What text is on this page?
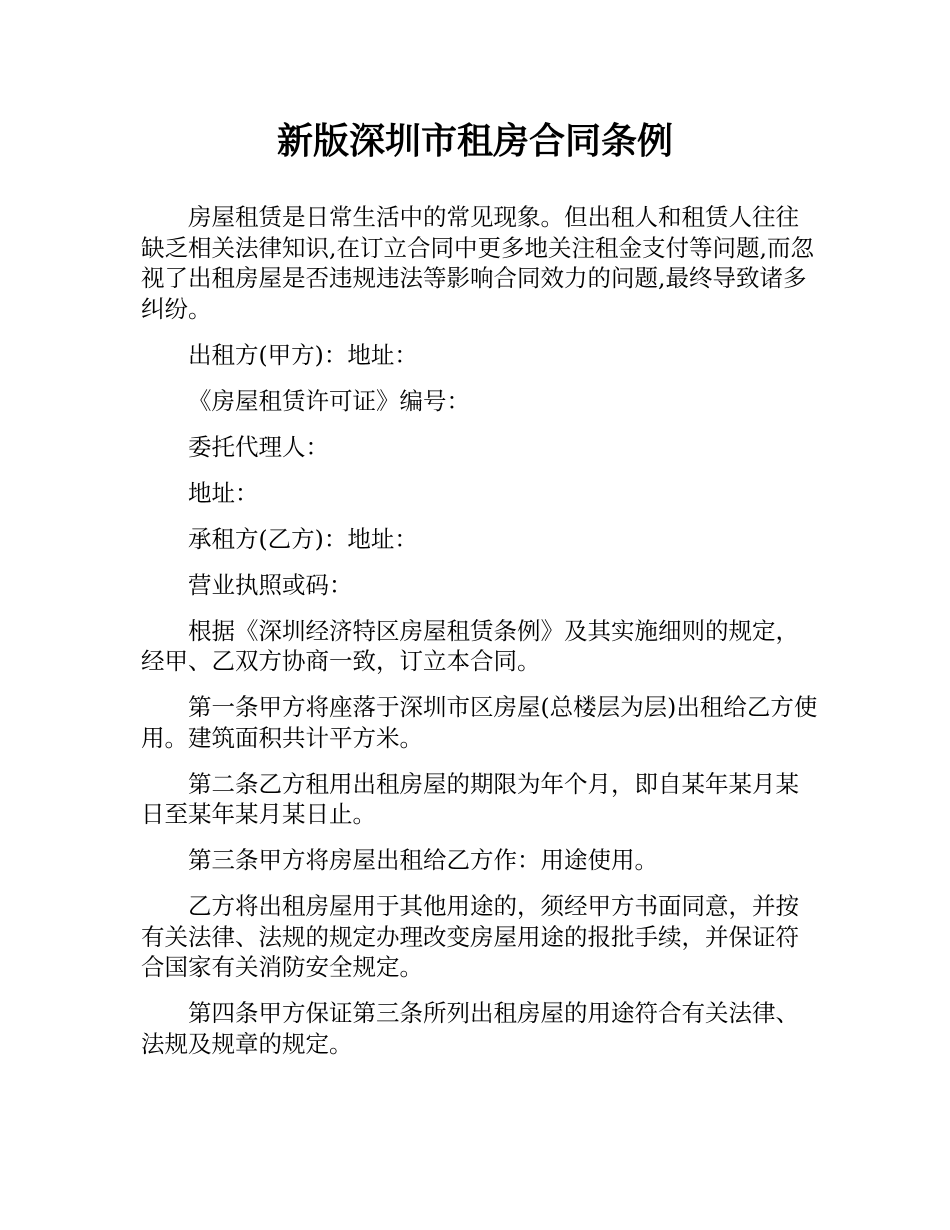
新版深圳市租房合同条例

房屋租赁是日常生活中的常见现象。但出租人和租赁人往往缺乏相关法律知识,在订立合同中更多地关注租金支付等问题,而忽视了出租房屋是否违规违法等影响合同效力的问题,最终导致诸多纠纷。

出租方(甲方)：地址：

《房屋租赁许可证》编号：

委托代理人：

地址：

承租方(乙方)：地址：

营业执照或码：

根据《深圳经济特区房屋租赁条例》及其实施细则的规定，经甲、乙双方协商一致，订立本合同。

第一条甲方将座落于深圳市区房屋(总楼层为层)出租给乙方使用。建筑面积共计平方米。

第二条乙方租用出租房屋的期限为年个月，即自某年某月某日至某年某月某日止。

第三条甲方将房屋出租给乙方作：用途使用。

乙方将出租房屋用于其他用途的，须经甲方书面同意，并按有关法律、法规的规定办理改变房屋用途的报批手续，并保证符合国家有关消防安全规定。

第四条甲方保证第三条所列出租房屋的用途符合有关法律、法规及规章的规定。
